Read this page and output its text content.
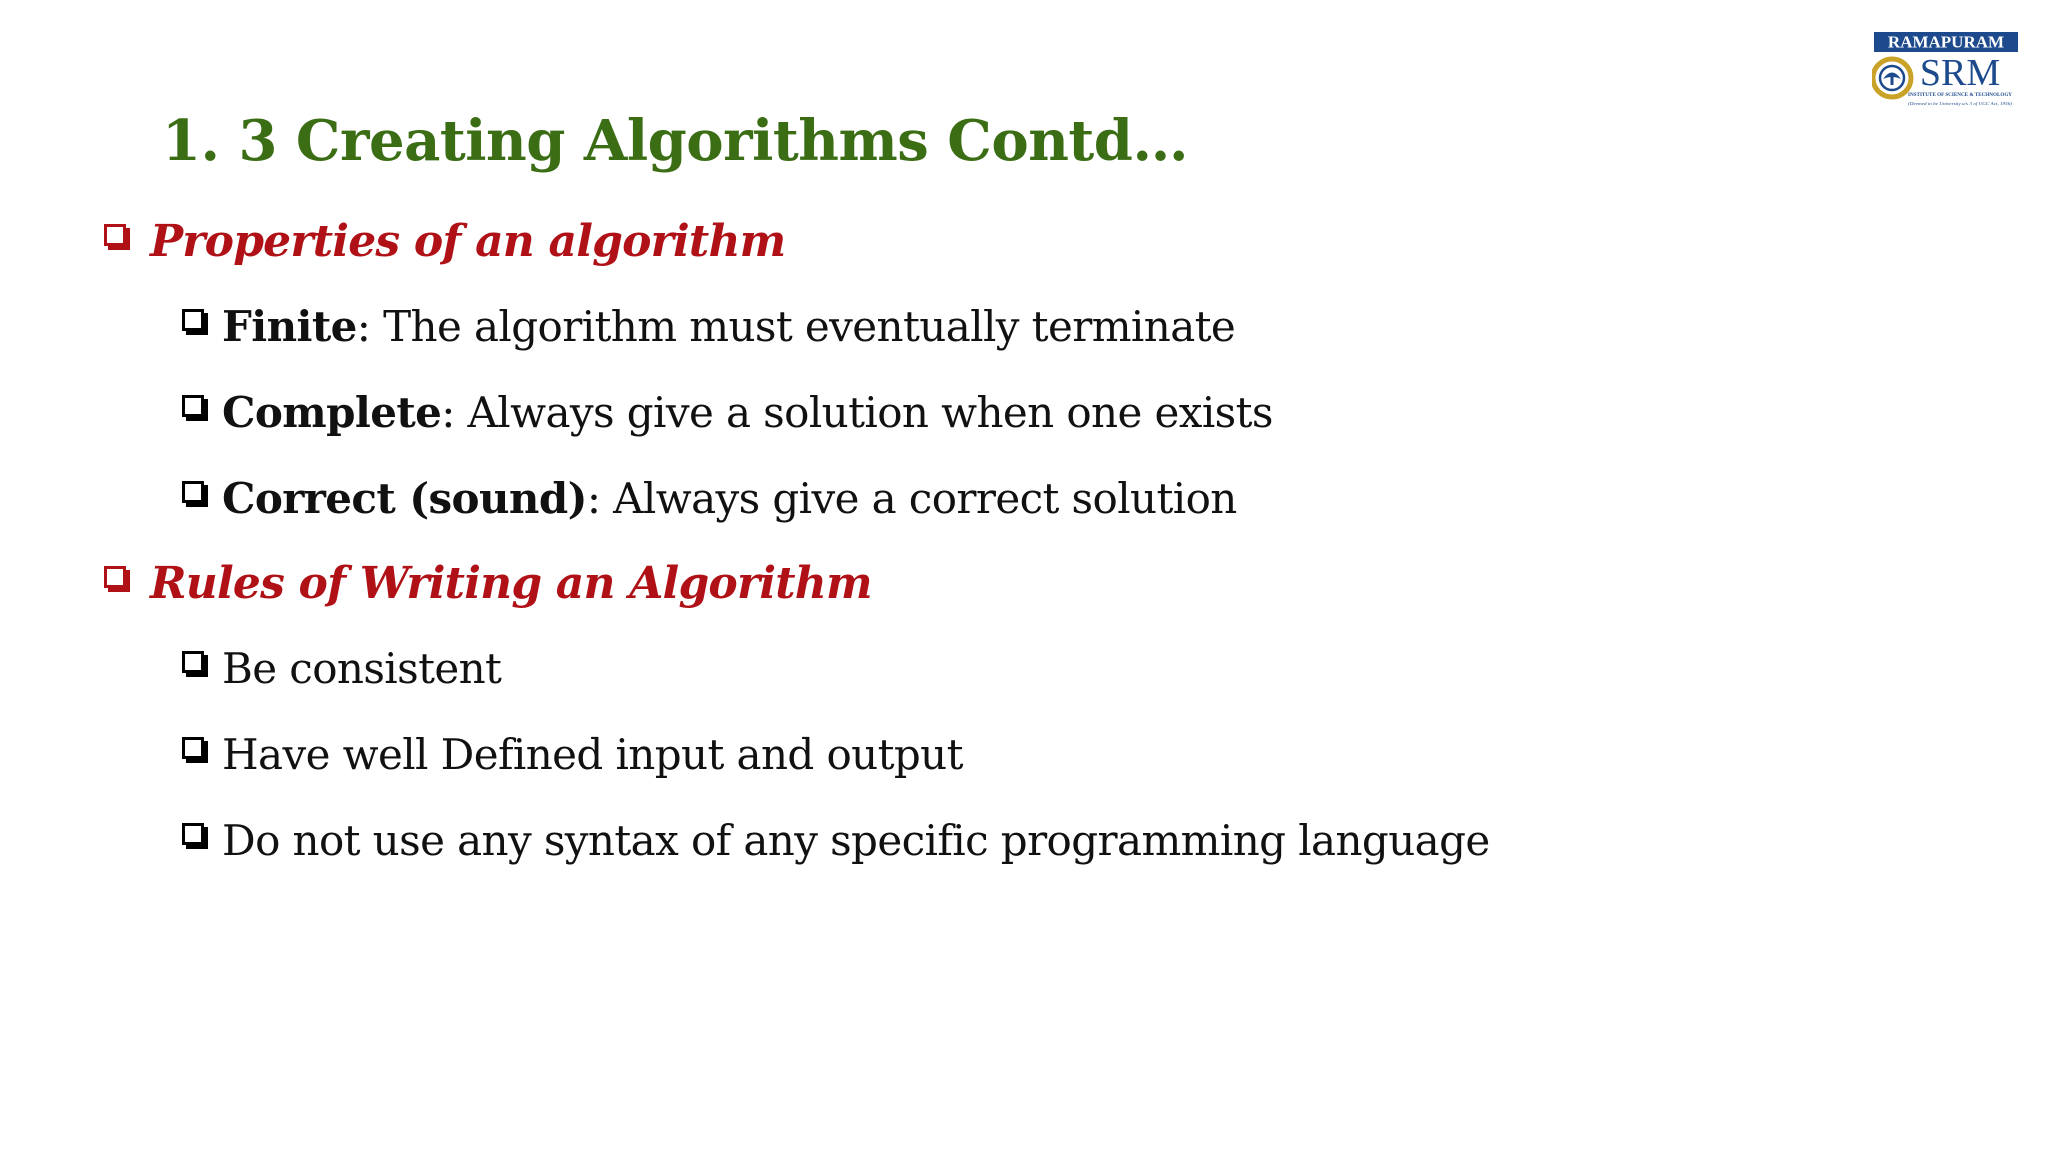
1. 3 Creating Algorithms Contd…
RAMAPURAM
SRM
INSTITUTE OF SCIENCE & TECHNOLOGY
(Deemed to be University u/s 3 of UGC Act, 1956)
Properties of an algorithm
Finite: The algorithm must eventually terminate
Complete: Always give a solution when one exists
Correct (sound): Always give a correct solution
Rules of Writing an Algorithm
Be consistent
Have well Defined input and output
Do not use any syntax of any specific programming language
